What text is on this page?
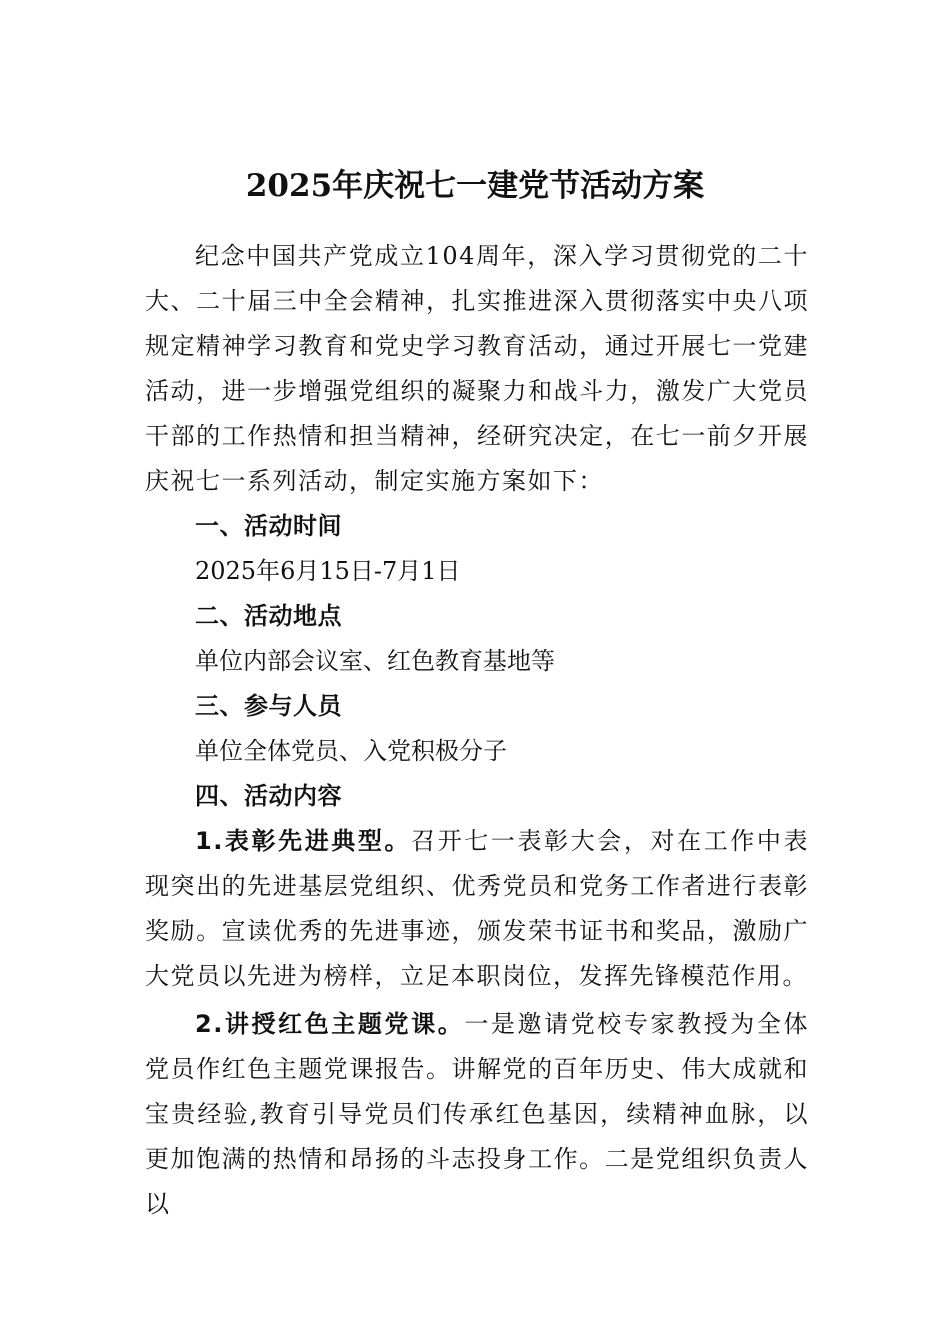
2025年庆祝七一建党节活动方案

纪念中国共产党成立104周年，深入学习贯彻党的二十大、二十届三中全会精神，扎实推进深入贯彻落实中央八项规定精神学习教育和党史学习教育活动，通过开展七一党建活动，进一步增强党组织的凝聚力和战斗力，激发广大党员干部的工作热情和担当精神，经研究决定，在七一前夕开展庆祝七一系列活动，制定实施方案如下：

一、活动时间

2025年6月15日-7月1日

二、活动地点

单位内部会议室、红色教育基地等

三、参与人员

单位全体党员、入党积极分子

四、活动内容

1.表彰先进典型。召开七一表彰大会，对在工作中表现突出的先进基层党组织、优秀党员和党务工作者进行表彰奖励。宣读优秀的先进事迹，颁发荣书证书和奖品，激励广大党员以先进为榜样，立足本职岗位，发挥先锋模范作用。

2.讲授红色主题党课。一是邀请党校专家教授为全体党员作红色主题党课报告。讲解党的百年历史、伟大成就和宝贵经验,教育引导党员们传承红色基因，续精神血脉，以更加饱满的热情和昂扬的斗志投身工作。二是党组织负责人以
